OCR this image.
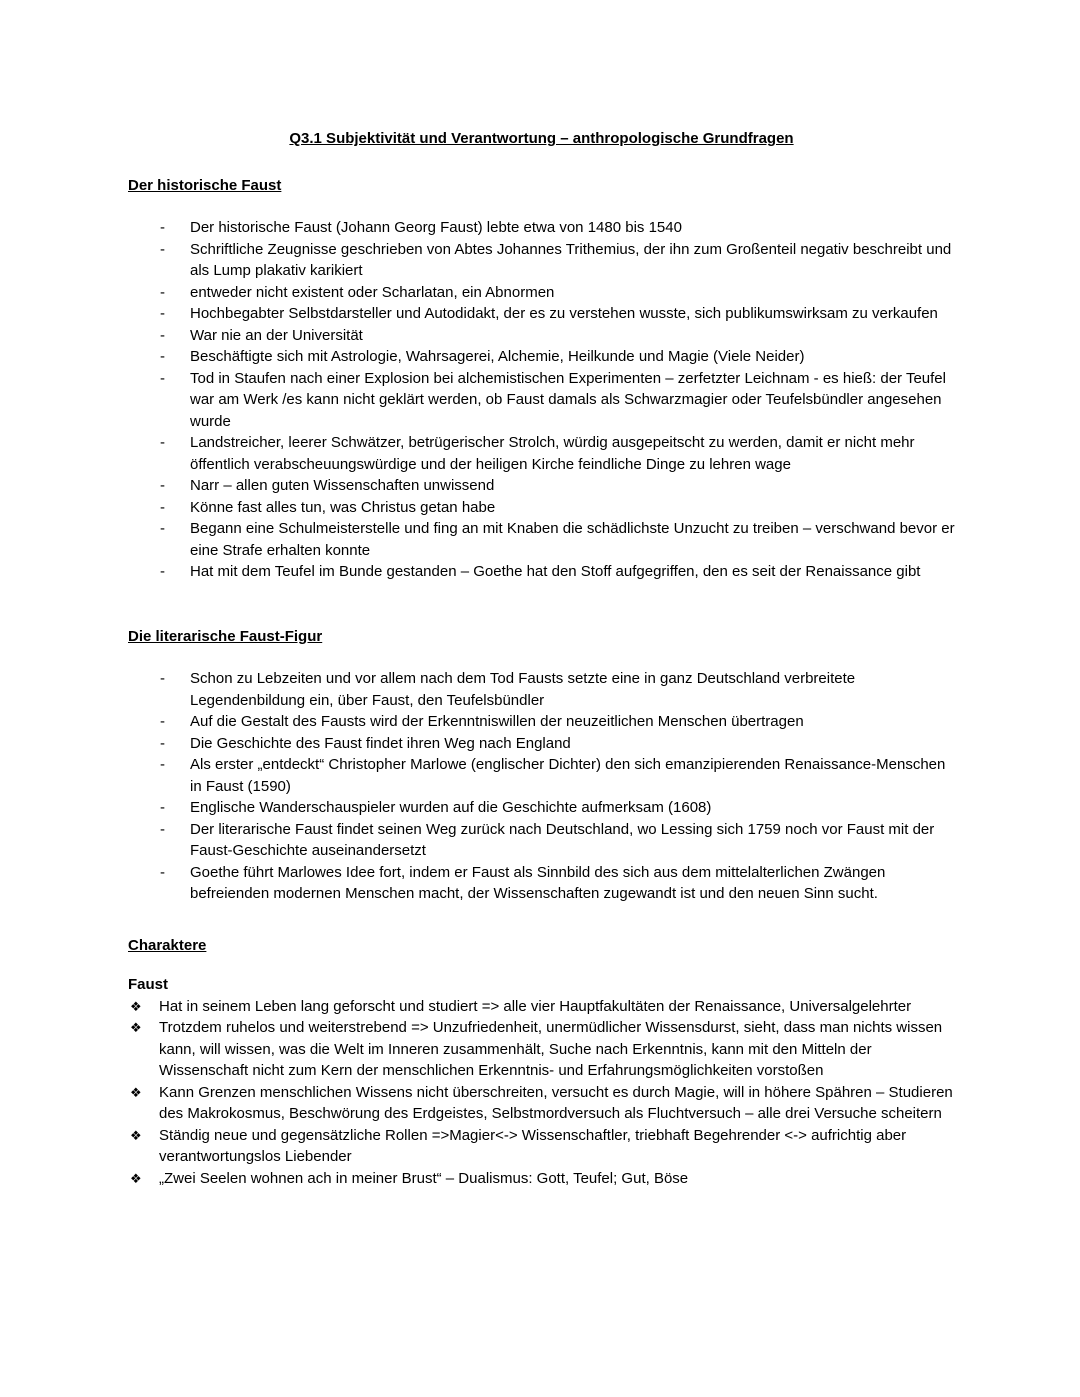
Q3.1 Subjektivität und Verantwortung – anthropologische Grundfragen
Der historische Faust
-	Der historische Faust (Johann Georg Faust) lebte etwa von 1480 bis 1540
-	Schriftliche Zeugnisse geschrieben von Abtes Johannes Trithemius, der ihn zum Großenteil negativ beschreibt und als Lump plakativ karikiert
-	entweder nicht existent oder Scharlatan, ein Abnormen
-	Hochbegabter Selbstdarsteller und Autodidakt, der es zu verstehen wusste, sich publikumswirksam zu verkaufen
-	War nie an der Universität
-	Beschäftigte sich mit Astrologie, Wahrsagerei, Alchemie, Heilkunde und Magie (Viele Neider)
-	Tod in Staufen nach einer Explosion bei alchemistischen Experimenten – zerfetzter Leichnam - es hieß: der Teufel war am Werk /es kann nicht geklärt werden, ob Faust damals als Schwarzmagier oder Teufelsbündler angesehen wurde
-	Landstreicher, leerer Schwätzer, betrügerischer Strolch, würdig ausgepeitscht zu werden, damit er nicht mehr öffentlich verabscheuungswürdige und der heiligen Kirche feindliche Dinge zu lehren wage
-	Narr – allen guten Wissenschaften unwissend
-	Könne fast alles tun, was Christus getan habe
-	Begann eine Schulmeisterstelle und fing an mit Knaben die schädlichste Unzucht zu treiben – verschwand bevor er eine Strafe erhalten konnte
-	Hat mit dem Teufel im Bunde gestanden – Goethe hat den Stoff aufgegriffen, den es seit der Renaissance gibt
Die literarische Faust-Figur
-	Schon zu Lebzeiten und vor allem nach dem Tod Fausts setzte eine in ganz Deutschland verbreitete Legendenbildung ein, über Faust, den Teufelsbündler
-	Auf die Gestalt des Fausts wird der Erkenntniswillen der neuzeitlichen Menschen übertragen
-	Die Geschichte des Faust findet ihren Weg nach England
-	Als erster „entdeckt“ Christopher Marlowe (englischer Dichter) den sich emanzipierenden Renaissance-Menschen in Faust (1590)
-	Englische Wanderschauspieler wurden auf die Geschichte aufmerksam (1608)
-	Der literarische Faust findet seinen Weg zurück nach Deutschland, wo Lessing sich 1759 noch vor Faust mit der Faust-Geschichte auseinandersetzt
-	Goethe führt Marlowes Idee fort, indem er Faust als Sinnbild des sich aus dem mittelalterlichen Zwängen befreienden modernen Menschen macht, der Wissenschaften zugewandt ist und den neuen Sinn sucht.
Charaktere
Faust
❖	Hat in seinem Leben lang geforscht und studiert => alle vier Hauptfakultäten der Renaissance, Universalgelehrter
❖	Trotzdem ruhelos und weiterstrebend => Unzufriedenheit, unermüdlicher Wissensdurst, sieht, dass man nichts wissen kann, will wissen, was die Welt im Inneren zusammenhält, Suche nach Erkenntnis, kann mit den Mitteln der Wissenschaft nicht zum Kern der menschlichen Erkenntnis- und Erfahrungsmöglichkeiten vorstoßen
❖	Kann Grenzen menschlichen Wissens nicht überschreiten, versucht es durch Magie, will in höhere Spähren – Studieren des Makrokosmus, Beschwörung des Erdgeistes, Selbstmordversuch als Fluchtversuch – alle drei Versuche scheitern
❖	Ständig neue und gegensätzliche Rollen =>Magier<-> Wissenschaftler, triebhaft Begehrender <-> aufrichtig aber verantwortungslos Liebender
❖	„Zwei Seelen wohnen ach in meiner Brust“ – Dualismus: Gott, Teufel; Gut, Böse
